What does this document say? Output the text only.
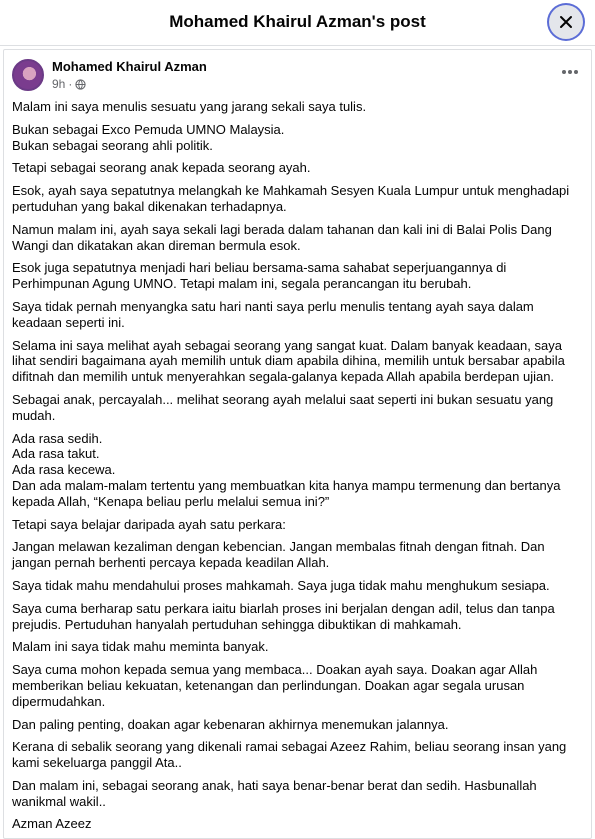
Mohamed Khairul Azman's post
Mohamed Khairul Azman
9h ·

Malam ini saya menulis sesuatu yang jarang sekali saya tulis.

Bukan sebagai Exco Pemuda UMNO Malaysia.
Bukan sebagai seorang ahli politik.

Tetapi sebagai seorang anak kepada seorang ayah.

Esok, ayah saya sepatutnya melangkah ke Mahkamah Sesyen Kuala Lumpur untuk menghadapi pertuduhan yang bakal dikenakan terhadapnya.

Namun malam ini, ayah saya sekali lagi berada dalam tahanan dan kali ini di Balai Polis Dang Wangi dan dikatakan akan direman bermula esok.

Esok juga sepatutnya menjadi hari beliau bersama-sama sahabat seperjuangannya di Perhimpunan Agung UMNO. Tetapi malam ini, segala perancangan itu berubah.

Saya tidak pernah menyangka satu hari nanti saya perlu menulis tentang ayah saya dalam keadaan seperti ini.

Selama ini saya melihat ayah sebagai seorang yang sangat kuat. Dalam banyak keadaan, saya lihat sendiri bagaimana ayah memilih untuk diam apabila dihina, memilih untuk bersabar apabila difitnah dan memilih untuk menyerahkan segala-galanya kepada Allah apabila berdepan ujian.

Sebagai anak, percayalah... melihat seorang ayah melalui saat seperti ini bukan sesuatu yang mudah.

Ada rasa sedih.
Ada rasa takut.
Ada rasa kecewa.
Dan ada malam-malam tertentu yang membuatkan kita hanya mampu termenung dan bertanya kepada Allah, “Kenapa beliau perlu melalui semua ini?”

Tetapi saya belajar daripada ayah satu perkara:

Jangan melawan kezaliman dengan kebencian. Jangan membalas fitnah dengan fitnah. Dan jangan pernah berhenti percaya kepada keadilan Allah.

Saya tidak mahu mendahului proses mahkamah. Saya juga tidak mahu menghukum sesiapa.

Saya cuma berharap satu perkara iaitu biarlah proses ini berjalan dengan adil, telus dan tanpa prejudis. Pertuduhan hanyalah pertuduhan sehingga dibuktikan di mahkamah.

Malam ini saya tidak mahu meminta banyak.

Saya cuma mohon kepada semua yang membaca... Doakan ayah saya. Doakan agar Allah memberikan beliau kekuatan, ketenangan dan perlindungan. Doakan agar segala urusan dipermudahkan.

Dan paling penting, doakan agar kebenaran akhirnya menemukan jalannya.

Kerana di sebalik seorang yang dikenali ramai sebagai Azeez Rahim, beliau seorang insan yang kami sekeluarga panggil Ata..

Dan malam ini, sebagai seorang anak, hati saya benar-benar berat dan sedih. Hasbunallah wanikmal wakil..

Azman Azeez
